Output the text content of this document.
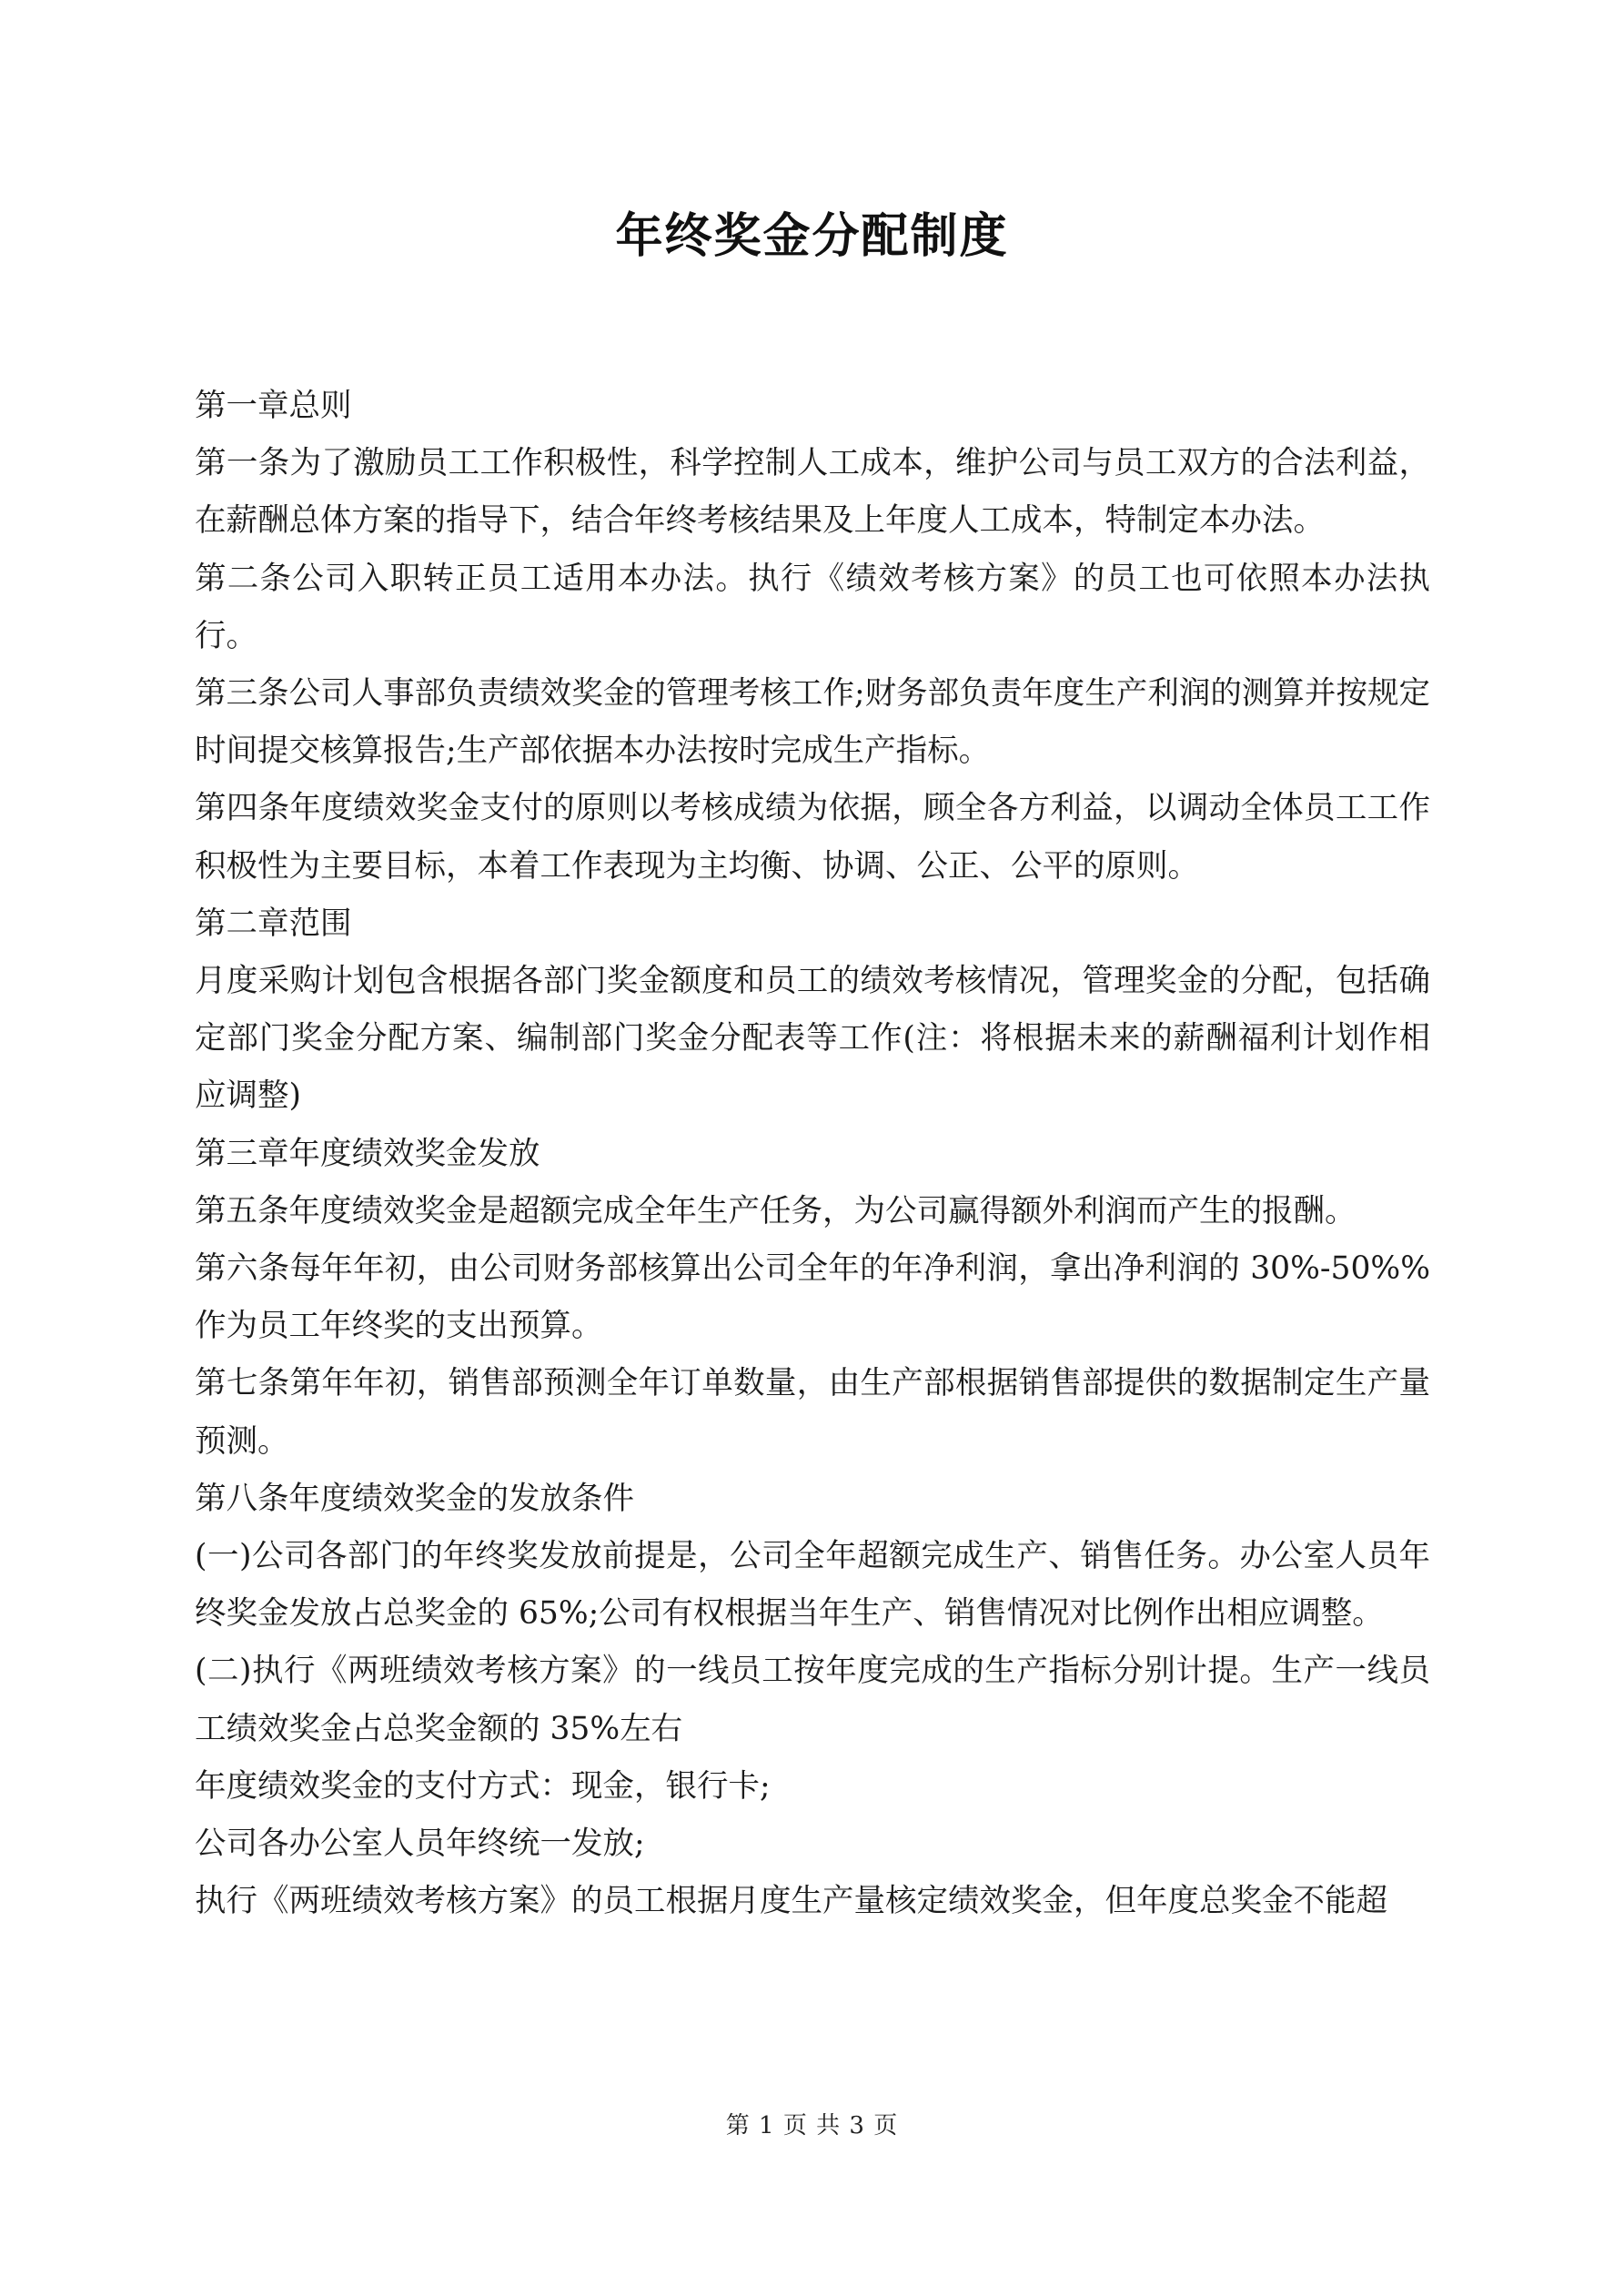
年终奖金分配制度

第一章总则

第一条为了激励员工工作积极性，科学控制人工成本，维护公司与员工双方的合法利益，在薪酬总体方案的指导下，结合年终考核结果及上年度人工成本，特制定本办法。

第二条公司入职转正员工适用本办法。执行《绩效考核方案》的员工也可依照本办法执行。

第三条公司人事部负责绩效奖金的管理考核工作;财务部负责年度生产利润的测算并按规定时间提交核算报告;生产部依据本办法按时完成生产指标。

第四条年度绩效奖金支付的原则以考核成绩为依据，顾全各方利益，以调动全体员工工作积极性为主要目标，本着工作表现为主均衡、协调、公正、公平的原则。

第二章范围

月度采购计划包含根据各部门奖金额度和员工的绩效考核情况，管理奖金的分配，包括确定部门奖金分配方案、编制部门奖金分配表等工作(注：将根据未来的薪酬福利计划作相应调整)

第三章年度绩效奖金发放

第五条年度绩效奖金是超额完成全年生产任务，为公司赢得额外利润而产生的报酬。

第六条每年年初，由公司财务部核算出公司全年的年净利润，拿出净利润的 30%-50%%作为员工年终奖的支出预算。

第七条第年年初，销售部预测全年订单数量，由生产部根据销售部提供的数据制定生产量预测。

第八条年度绩效奖金的发放条件

(一)公司各部门的年终奖发放前提是，公司全年超额完成生产、销售任务。办公室人员年终奖金发放占总奖金的 65%;公司有权根据当年生产、销售情况对比例作出相应调整。

(二)执行《两班绩效考核方案》的一线员工按年度完成的生产指标分别计提。生产一线员工绩效奖金占总奖金额的 35%左右

年度绩效奖金的支付方式：现金，银行卡;

公司各办公室人员年终统一发放;

执行《两班绩效考核方案》的员工根据月度生产量核定绩效奖金，但年度总奖金不能超

第 1 页 共 3 页
